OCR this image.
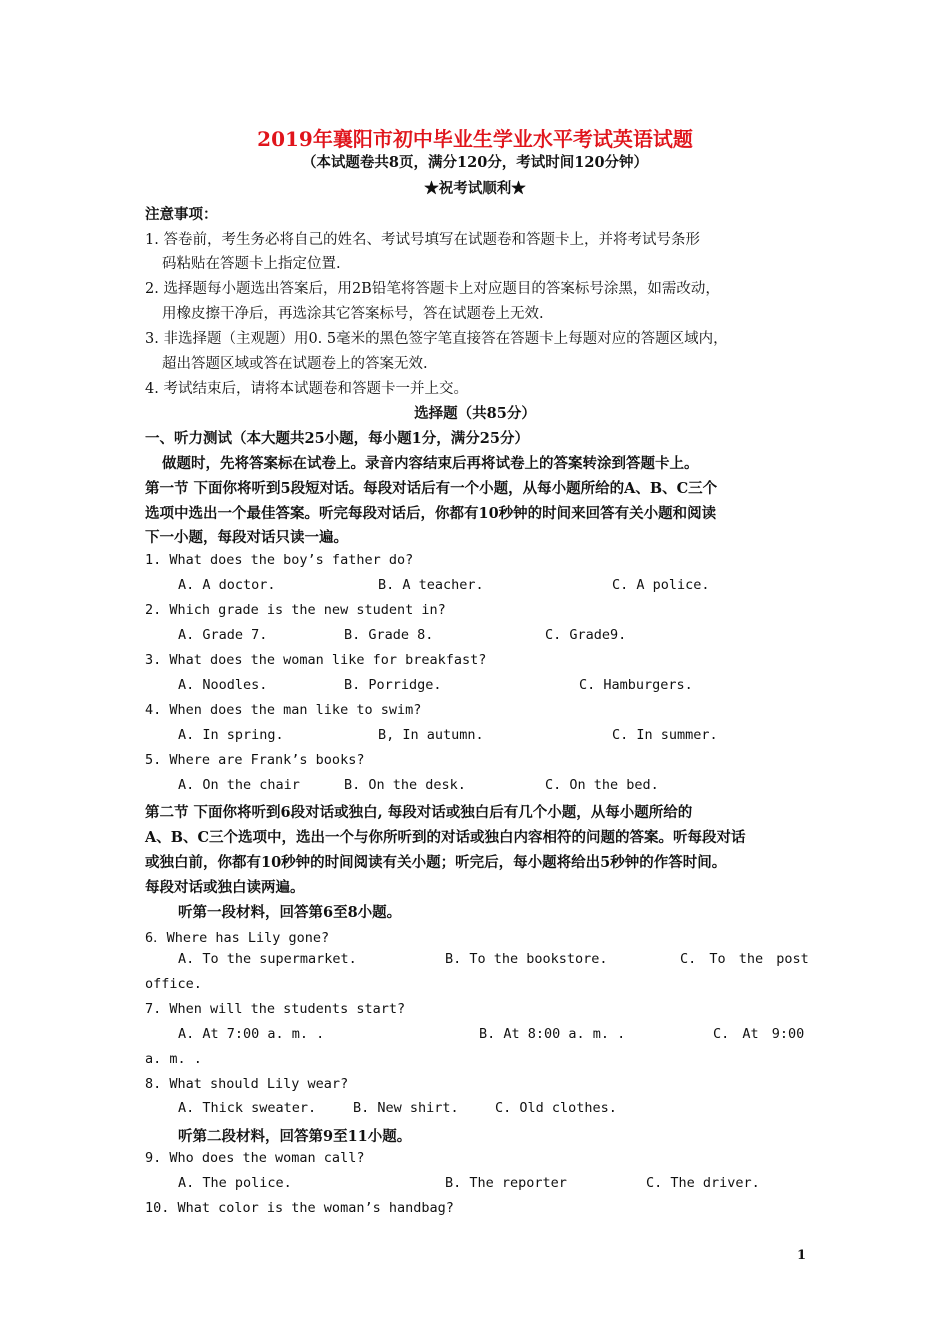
2019年襄阳市初中毕业生学业水平考试英语试题
（本试题卷共8页，满分120分，考试时间120分钟）
★祝考试顺利★
注意事项：
1. 答卷前，考生务必将自己的姓名、考试号填写在试题卷和答题卡上，并将考试号条形
码粘贴在答题卡上指定位置.
2. 选择题每小题选出答案后，用2B铅笔将答题卡上对应题目的答案标号涂黑，如需改动，
用橡皮擦干净后，再选涂其它答案标号，答在试题卷上无效.
3. 非选择题（主观题）用0. 5毫米的黑色签字笔直接答在答题卡上每题对应的答题区域内，
超出答题区域或答在试题卷上的答案无效.
4. 考试结束后，请将本试题卷和答题卡一并上交。
选择题（共85分）
一、听力测试（本大题共25小题，每小题1分，满分25分）
做题时，先将答案标在试卷上。录音内容结束后再将试卷上的答案转涂到答题卡上。
第一节 下面你将听到5段短对话。每段对话后有一个小题，从每小题所给的A、B、C三个
选项中选出一个最佳答案。听完每段对话后，你都有10秒钟的时间来回答有关小题和阅读
下一小题，每段对话只读一遍。
1. What does the boy’s father do?
A. A doctor.	B. A teacher.	C. A police.
2. Which grade is the new student in?
A. Grade 7.	B. Grade 8.	C. Grade9.
3. What does the woman like for breakfast?
A. Noodles.	B. Porridge.	C. Hamburgers.
4. When does the man like to swim?
A. In spring.	B, In autumn.	C. In summer.
5. Where are Frank’s books?
A. On the chair	B. On the desk.	C. On the bed.
第二节 下面你将听到6段对话或独白, 每段对话或独白后有几个小题，从每小题所给的
A、B、C三个选项中，选出一个与你所听到的对话或独白内容相符的问题的答案。听每段对话
或独白前，你都有10秒钟的时间阅读有关小题；听完后，每小题将给出5秒钟的作答时间。
每段对话或独白读两遍。
听第一段材料，回答第6至8小题。
6．Where has Lily gone?
A. To the supermarket.	B. To the bookstore.	C. To the post
office.
7. When will the students start?
A. At 7:00 a. m. .	B. At 8:00 a. m. .	C. At 9:00
a. m. .
8. What should Lily wear?
A. Thick sweater.	B. New shirt.	C. Old clothes.
听第二段材料，回答第9至11小题。
9. Who does the woman call?
A. The police.	B. The reporter	C. The driver.
10. What color is the woman’s handbag?
1
